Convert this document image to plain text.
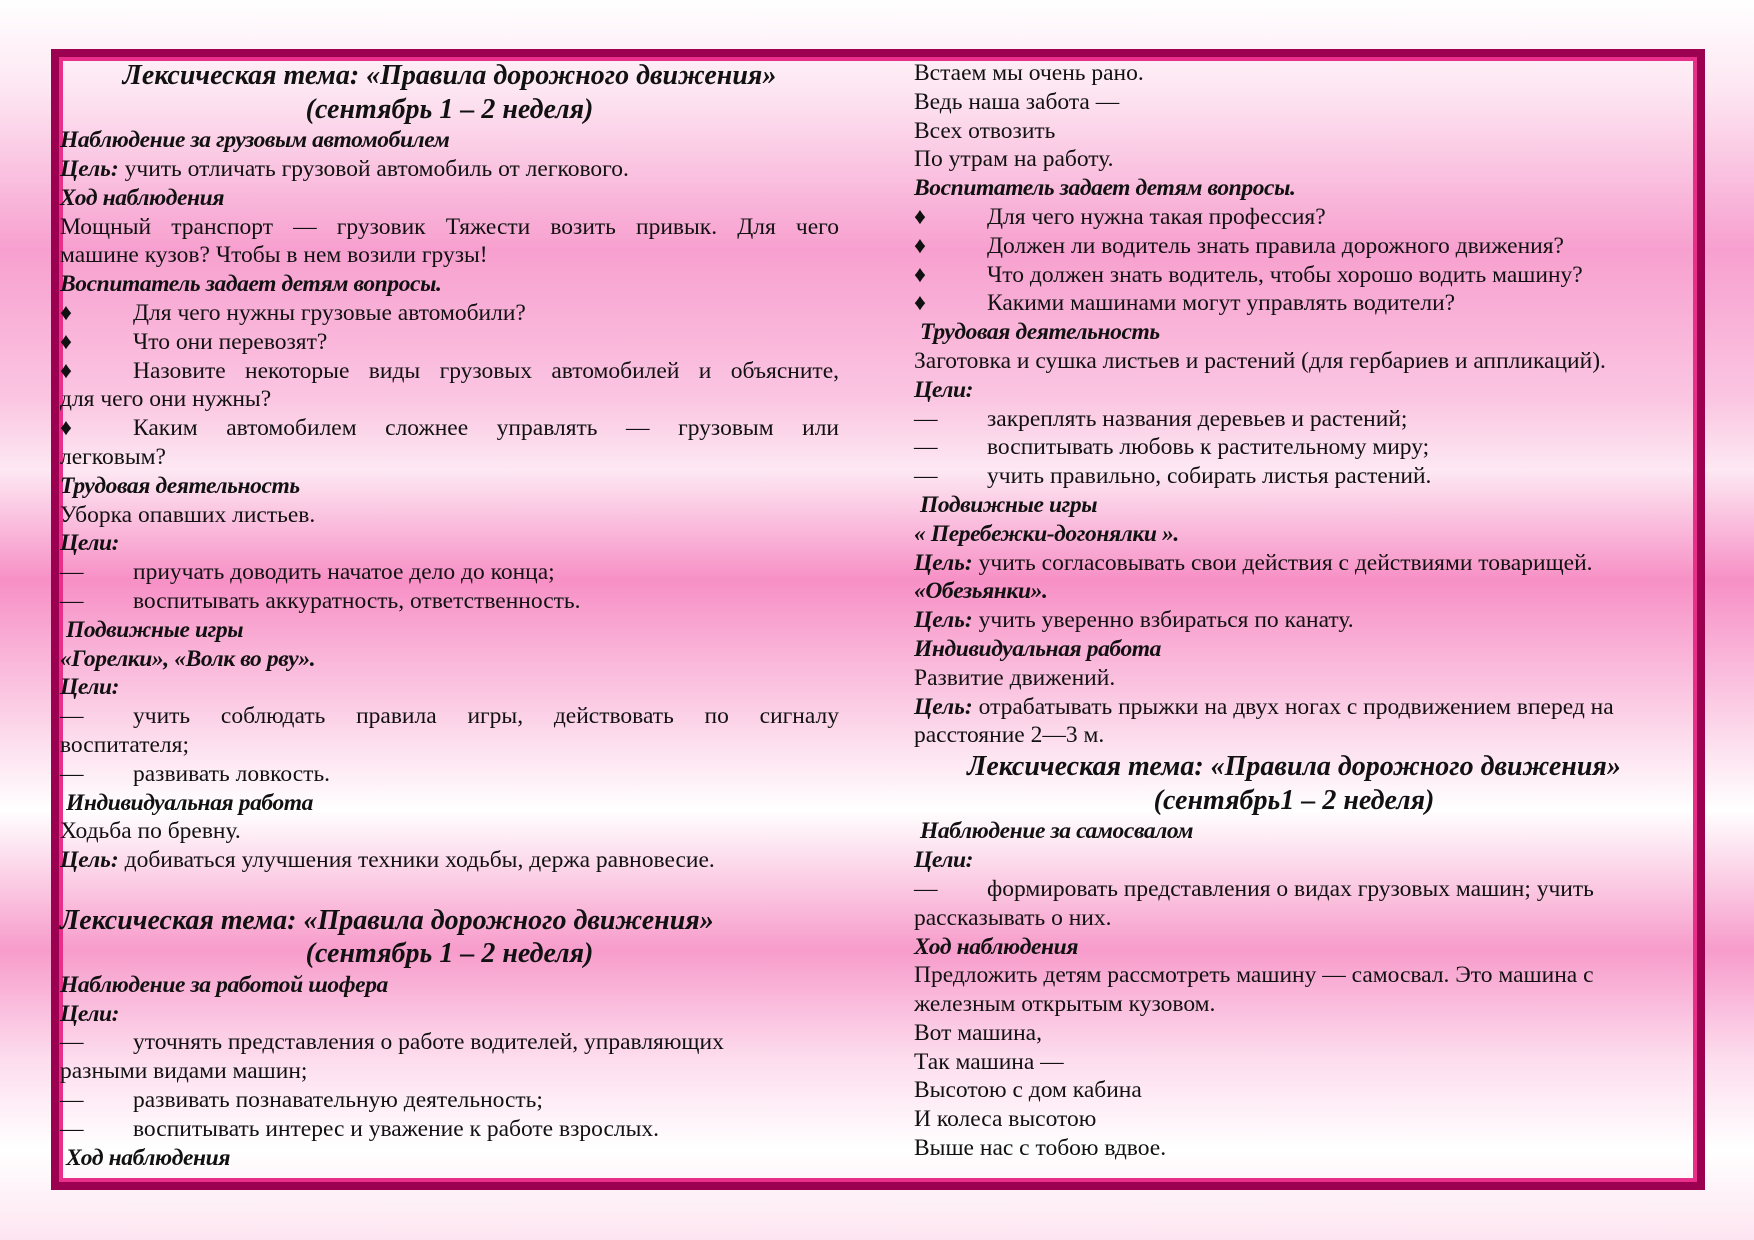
Лексическая тема: «Правила дорожного движения»
(сентябрь 1 – 2 неделя)
Наблюдение за грузовым автомобилем
Цель: учить отличать грузовой автомобиль от легкового.
Ход наблюдения
Мощный транспорт — грузовик Тяжести возить привык. Для чего
машине кузов? Чтобы в нем возили грузы!
Воспитатель задает детям вопросы.
♦	Для чего нужны грузовые автомобили?
♦	Что они перевозят?
♦	Назовите некоторые виды грузовых автомобилей и объясните,
для чего они нужны?
♦	Каким автомобилем сложнее управлять — грузовым или
легковым?
Трудовая деятельность
Уборка опавших листьев.
Цели:
— приучать доводить начатое дело до конца;
— воспитывать аккуратность, ответственность.
Подвижные игры
«Горелки», «Волк во рву».
Цели:
— учить соблюдать правила игры, действовать по сигналу
воспитателя;
— развивать ловкость.
Индивидуальная работа
Ходьба по бревну.
Цель: добиваться улучшения техники ходьбы, держа равновесие.
Лексическая тема: «Правила дорожного движения»
(сентябрь 1 – 2 неделя)
Наблюдение за работой шофера
Цели:
— уточнять представления о работе водителей, управляющих
разными видами машин;
— развивать познавательную деятельность;
— воспитывать интерес и уважение к работе взрослых.
Ход наблюдения
Встаем мы очень рано.
Ведь наша забота —
Всех отвозить
По утрам на работу.
Воспитатель задает детям вопросы.
♦	Для чего нужна такая профессия?
♦	Должен ли водитель знать правила дорожного движения?
♦	Что должен знать водитель, чтобы хорошо водить машину?
♦	Какими машинами могут управлять водители?
Трудовая деятельность
Заготовка и сушка листьев и растений (для гербариев и аппликаций).
Цели:
— закреплять названия деревьев и растений;
— воспитывать любовь к растительному миру;
— учить правильно, собирать листья растений.
Подвижные игры
« Перебежки-догонялки ».
Цель: учить согласовывать свои действия с действиями товарищей.
«Обезьянки».
Цель: учить уверенно взбираться по канату.
Индивидуальная работа
Развитие движений.
Цель: отрабатывать прыжки на двух ногах с продвижением вперед на
расстояние 2—3 м.
Лексическая тема: «Правила дорожного движения»
(сентябрь1 – 2 неделя)
Наблюдение за самосвалом
Цели:
— формировать представления о видах грузовых машин; учить
рассказывать о них.
Ход наблюдения
Предложить детям рассмотреть машину — самосвал. Это машина с
железным открытым кузовом.
Вот машина,
Так машина —
Высотою с дом кабина
И колеса высотою
Выше нас с тобою вдвое.
